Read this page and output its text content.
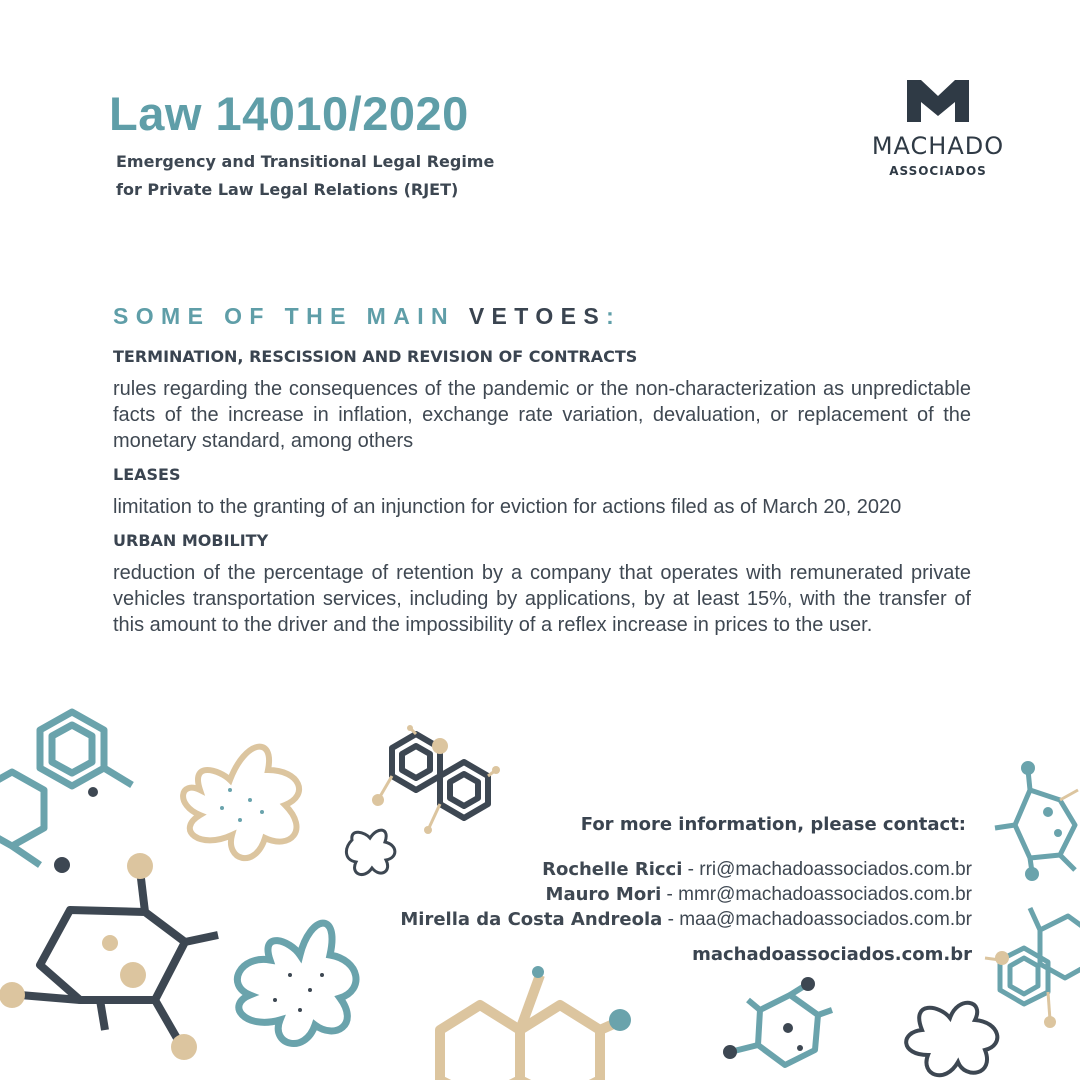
Law 14010/2020
Emergency and Transitional Legal Regime
for Private Law Legal Relations (RJET)
MACHADO
ASSOCIADOS
SOME OF THE MAIN VETOES:

TERMINATION, RESCISSION AND REVISION OF CONTRACTS

rules regarding the consequences of the pandemic or the non-characterization as unpredictable facts of the increase in inflation, exchange rate variation, devaluation, or replacement of the monetary standard, among others

LEASES

limitation to the granting of an injunction for eviction for actions filed as of March 20, 2020

URBAN MOBILITY

reduction of the percentage of retention by a company that operates with remunerated private vehicles transportation services, including by applications, by at least 15%, with the transfer of this amount to the driver and the impossibility of a reflex increase in prices to the user.

For more information, please contact:

Rochelle Ricci - rri@machadoassociados.com.br
Mauro Mori - mmr@machadoassociados.com.br
Mirella da Costa Andreola - maa@machadoassociados.com.br
machadoassociados.com.br
